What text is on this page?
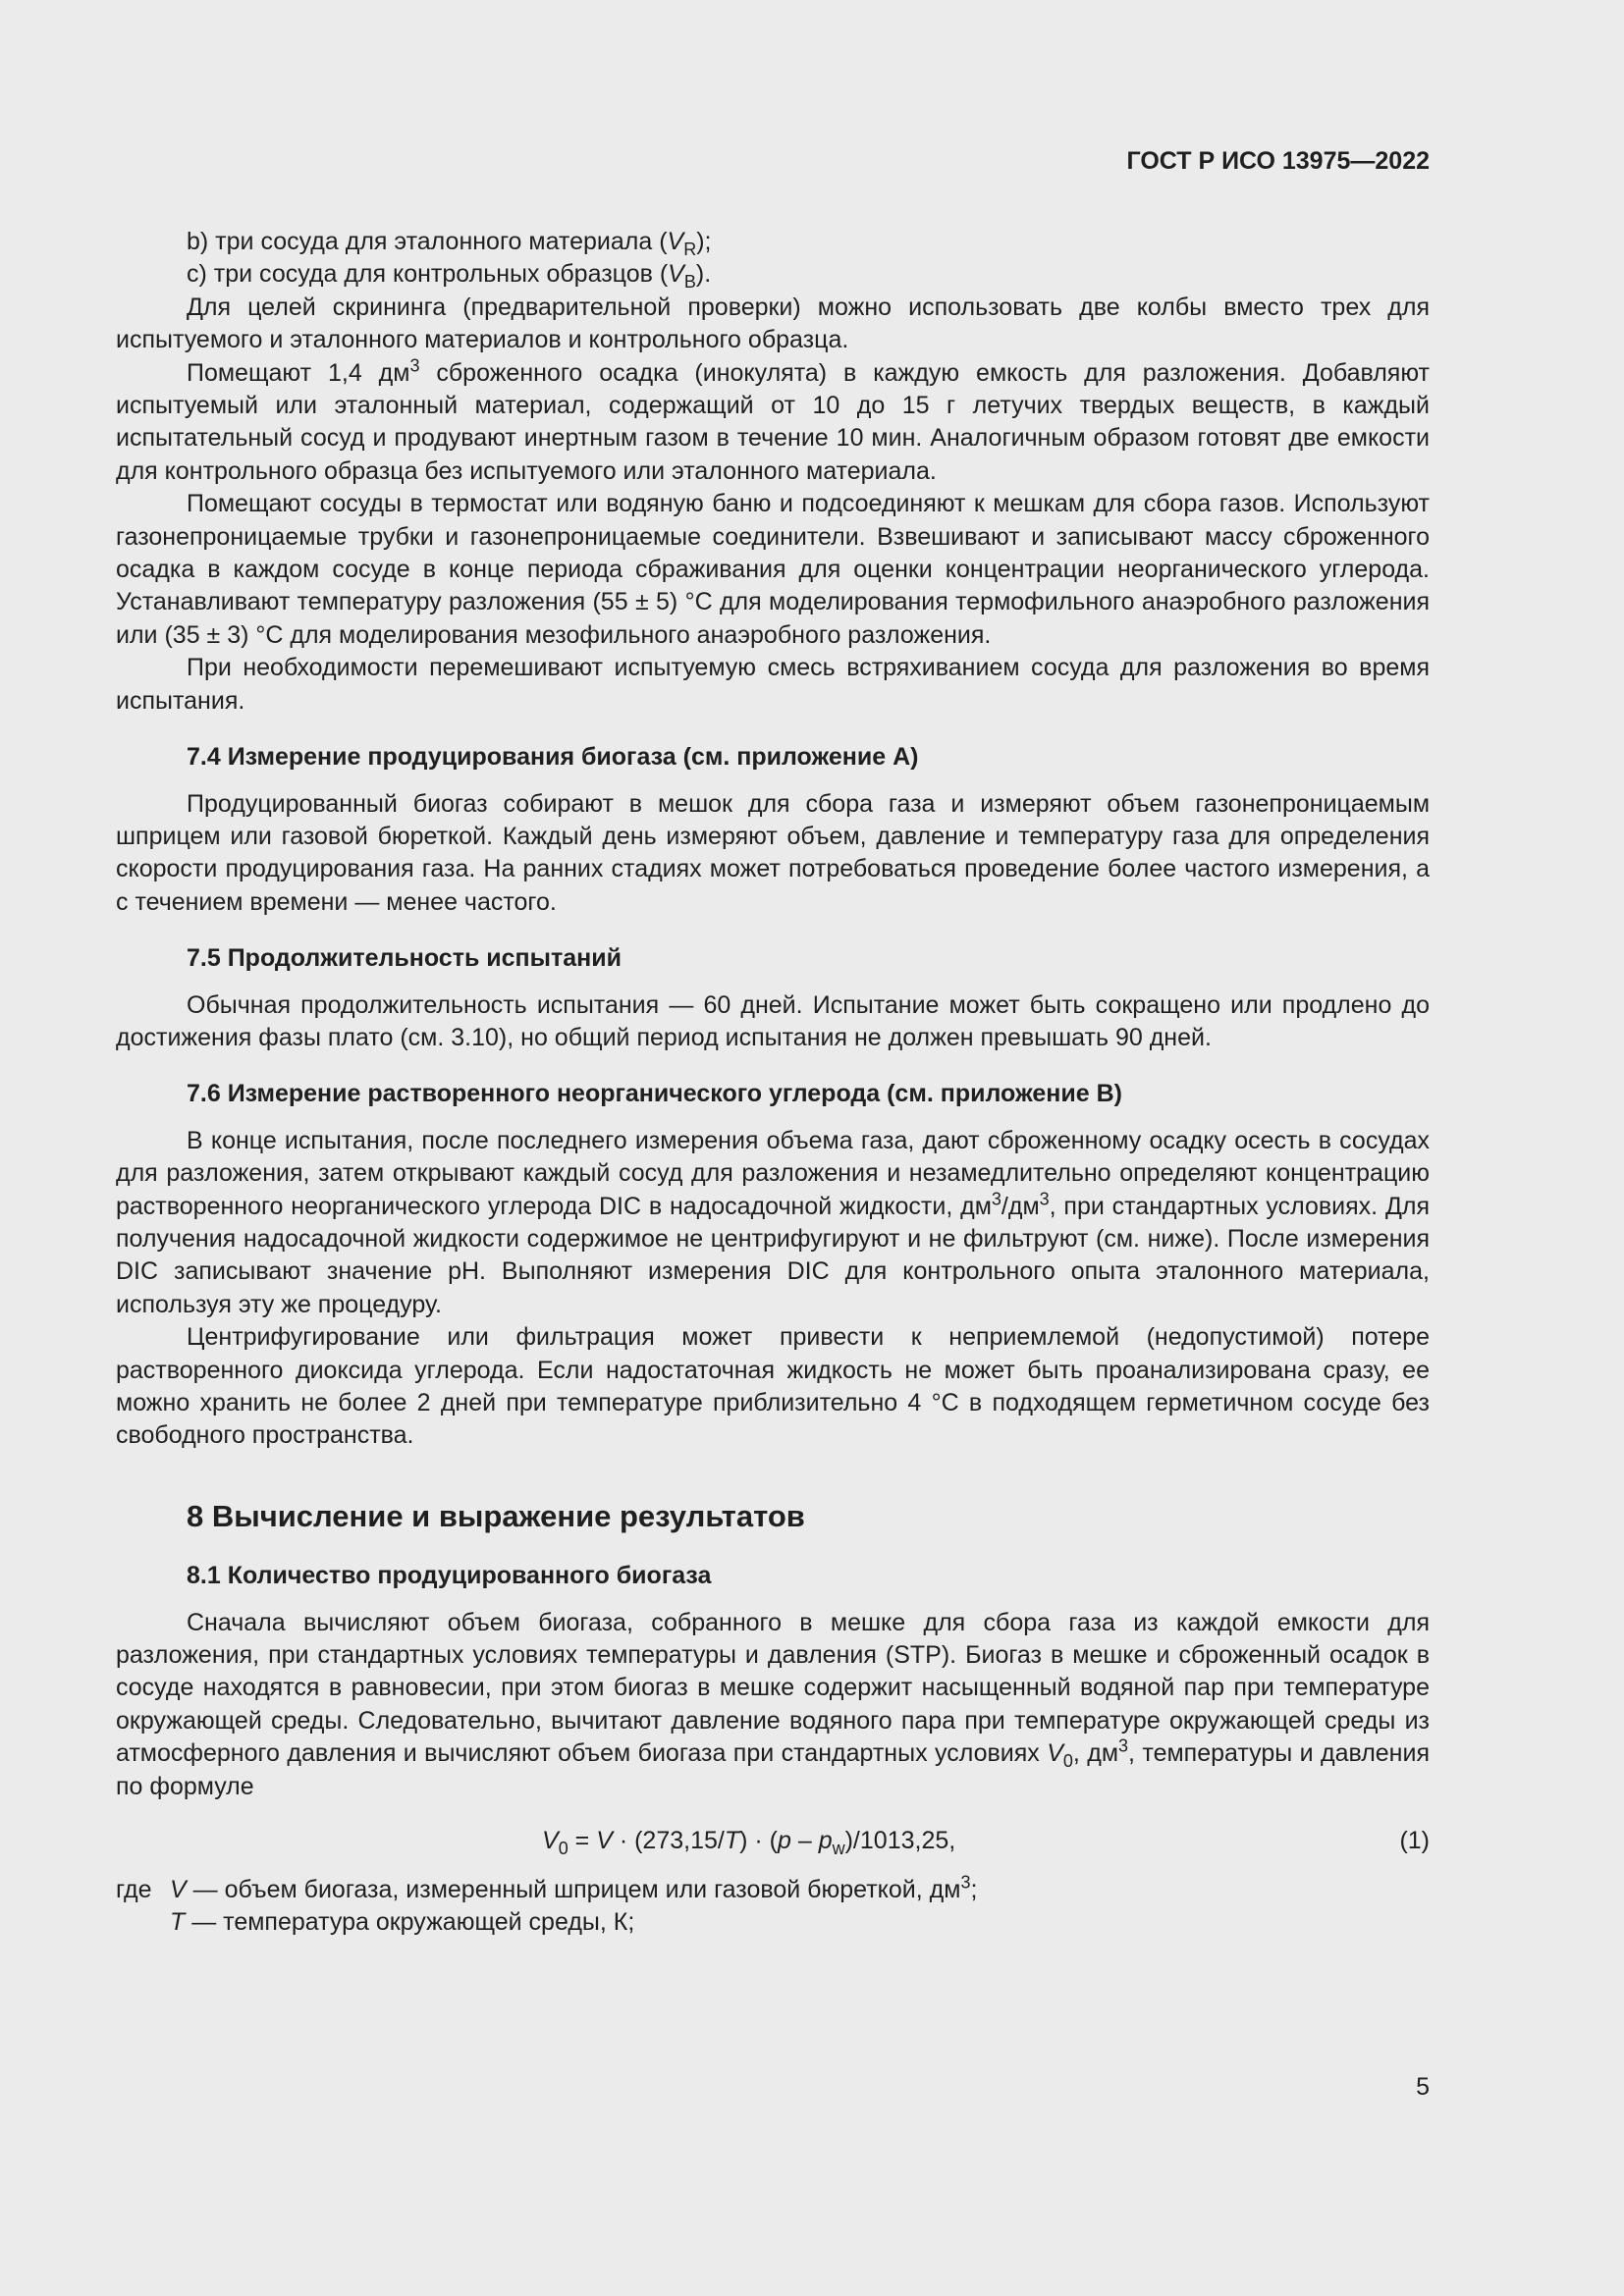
ГОСТ Р ИСО 13975—2022

b) три сосуда для эталонного материала $(V_R)$;

c) три сосуда для контрольных образцов $(V_B)$.

Для целей скрининга (предварительной проверки) можно использовать две колбы вместо трех для испытуемого и эталонного материалов и контрольного образца.

Помещают 1,4 $дм^3$ сброженного осадка (инокулята) в каждую емкость для разложения. Добавляют испытуемый или эталонный материал, содержащий от 10 до 15 г летучих твердых веществ, в каждый испытательный сосуд и продувают инертным газом в течение 10 мин. Аналогичным образом готовят две емкости для контрольного образца без испытуемого или эталонного материала.

Помещают сосуды в термостат или водяную баню и подсоединяют к мешкам для сбора газов. Используют газонепроницаемые трубки и газонепроницаемые соединители. Взвешивают и записывают массу сброженного осадка в каждом сосуде в конце периода сбраживания для оценки концентрации неорганического углерода. Устанавливают температуру разложения (55 ± 5) °C для моделирования термофильного анаэробного разложения или (35 ± 3) °C для моделирования мезофильного анаэробного разложения.

При необходимости перемешивают испытуемую смесь встряхиванием сосуда для разложения во время испытания.

7.4 Измерение продуцирования биогаза (см. приложение А)

Продуцированный биогаз собирают в мешок для сбора газа и измеряют объем газонепроницаемым шприцем или газовой бюреткой. Каждый день измеряют объем, давление и температуру газа для определения скорости продуцирования газа. На ранних стадиях может потребоваться проведение более частого измерения, а с течением времени — менее частого.

7.5 Продолжительность испытаний

Обычная продолжительность испытания — 60 дней. Испытание может быть сокращено или продлено до достижения фазы плато (см. 3.10), но общий период испытания не должен превышать 90 дней.

7.6 Измерение растворенного неорганического углерода (см. приложение В)

В конце испытания, после последнего измерения объема газа, дают сброженному осадку осесть в сосудах для разложения, затем открывают каждый сосуд для разложения и незамедлительно определяют концентрацию растворенного неорганического углерода DIC в надосадочной жидкости, $дм^3/дм^3$, при стандартных условиях. Для получения надосадочной жидкости содержимое не центрифугируют и не фильтруют (см. ниже). После измерения DIC записывают значение pH. Выполняют измерения DIC для контрольного опыта эталонного материала, используя эту же процедуру.

Центрифугирование или фильтрация может привести к неприемлемой (недопустимой) потере растворенного диоксида углерода. Если надостаточная жидкость не может быть проанализирована сразу, ее можно хранить не более 2 дней при температуре приблизительно 4 °C в подходящем герметичном сосуде без свободного пространства.

8 Вычисление и выражение результатов
8.1 Количество продуцированного биогаза

Сначала вычисляют объем биогаза, собранного в мешке для сбора газа из каждой емкости для разложения, при стандартных условиях температуры и давления (STP). Биогаз в мешке и сброженный осадок в сосуде находятся в равновесии, при этом биогаз в мешке содержит насыщенный водяной пар при температуре окружающей среды. Следовательно, вычитают давление водяного пара при температуре окружающей среды из атмосферного давления и вычисляют объем биогаза при стандартных условиях $V_0$, $дм^3$, температуры и давления по формуле

$V_0 = V \cdot (273,15/T) \cdot (p - p_w)/1013,25$,	(1)

где V — объем биогаза, измеренный шприцем или газовой бюреткой, $дм^3$;

T — температура окружающей среды, К;

5
